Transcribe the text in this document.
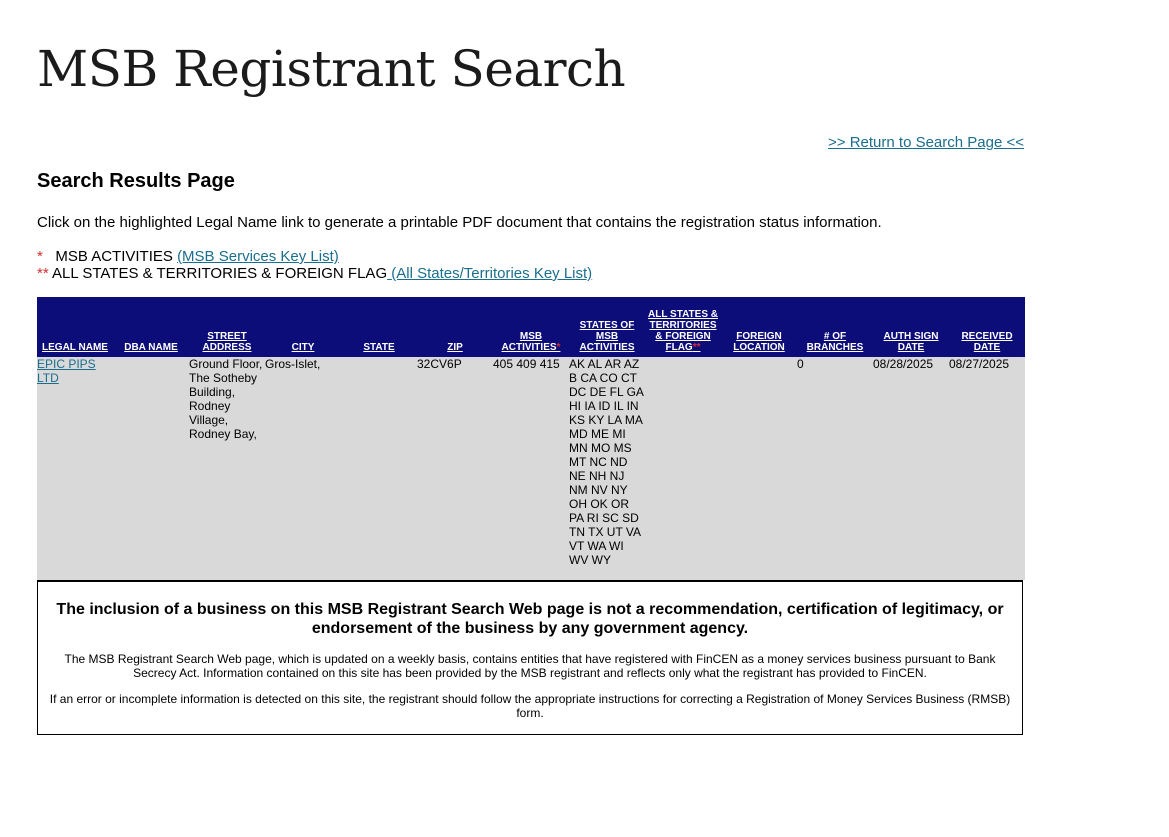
MSB Registrant Search
>> Return to Search Page <<
Search Results Page
Click on the highlighted Legal Name link to generate a printable PDF document that contains the registration status information.
* MSB ACTIVITIES (MSB Services Key List)
** ALL STATES & TERRITORIES & FOREIGN FLAG (All States/Territories Key List)
LEGAL NAME	DBA NAME	STREET ADDRESS	CITY	STATE	ZIP	MSB ACTIVITIES*	STATES OF MSB ACTIVITIES	ALL STATES & TERRITORIES & FOREIGN FLAG**	FOREIGN LOCATION	# OF BRANCHES	AUTH SIGN DATE	RECEIVED DATE
EPIC PIPS LTD		Ground Floor, The Sotheby Building, Rodney Village, Rodney Bay,	Gros-Islet,		32CV6P	405 409 415	AK AL AR AZ B CA CO CT DC DE FL GA HI IA ID IL IN KS KY LA MA MD ME MI MN MO MS MT NC ND NE NH NJ NM NV NY OH OK OR PA RI SC SD TN TX UT VA VT WA WI WV WY			0	08/28/2025	08/27/2025
The inclusion of a business on this MSB Registrant Search Web page is not a recommendation, certification of legitimacy, or endorsement of the business by any government agency.
The MSB Registrant Search Web page, which is updated on a weekly basis, contains entities that have registered with FinCEN as a money services business pursuant to Bank Secrecy Act. Information contained on this site has been provided by the MSB registrant and reflects only what the registrant has provided to FinCEN.
If an error or incomplete information is detected on this site, the registrant should follow the appropriate instructions for correcting a Registration of Money Services Business (RMSB) form.
